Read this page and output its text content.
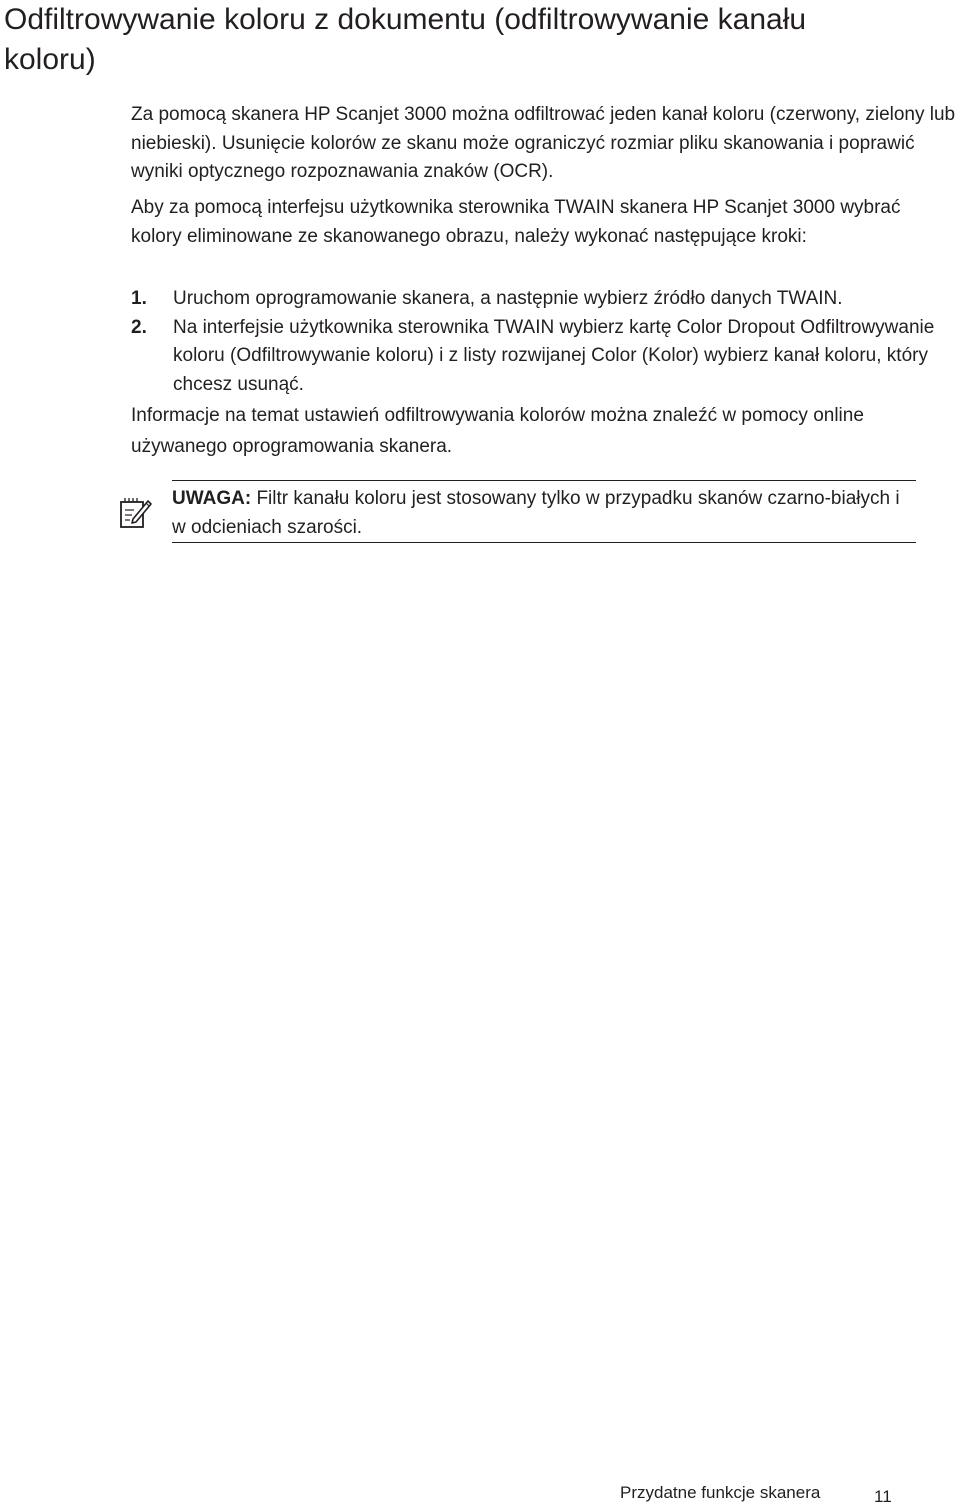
Odfiltrowywanie koloru z dokumentu (odfiltrowywanie kanału koloru)

Za pomocą skanera HP Scanjet 3000 można odfiltrować jeden kanał koloru (czerwony, zielony lub niebieski). Usunięcie kolorów ze skanu może ograniczyć rozmiar pliku skanowania i poprawić wyniki optycznego rozpoznawania znaków (OCR).

Aby za pomocą interfejsu użytkownika sterownika TWAIN skanera HP Scanjet 3000 wybrać kolory eliminowane ze skanowanego obrazu, należy wykonać następujące kroki:

1. Uruchom oprogramowanie skanera, a następnie wybierz źródło danych TWAIN.
2. Na interfejsie użytkownika sterownika TWAIN wybierz kartę Color Dropout Odfiltrowywanie koloru (Odfiltrowywanie koloru) i z listy rozwijanej Color (Kolor) wybierz kanał koloru, który chcesz usunąć.

Informacje na temat ustawień odfiltrowywania kolorów można znaleźć w pomocy online używanego oprogramowania skanera.

UWAGA: Filtr kanału koloru jest stosowany tylko w przypadku skanów czarno-białych i w odcieniach szarości.

Przydatne funkcje skanera	11
